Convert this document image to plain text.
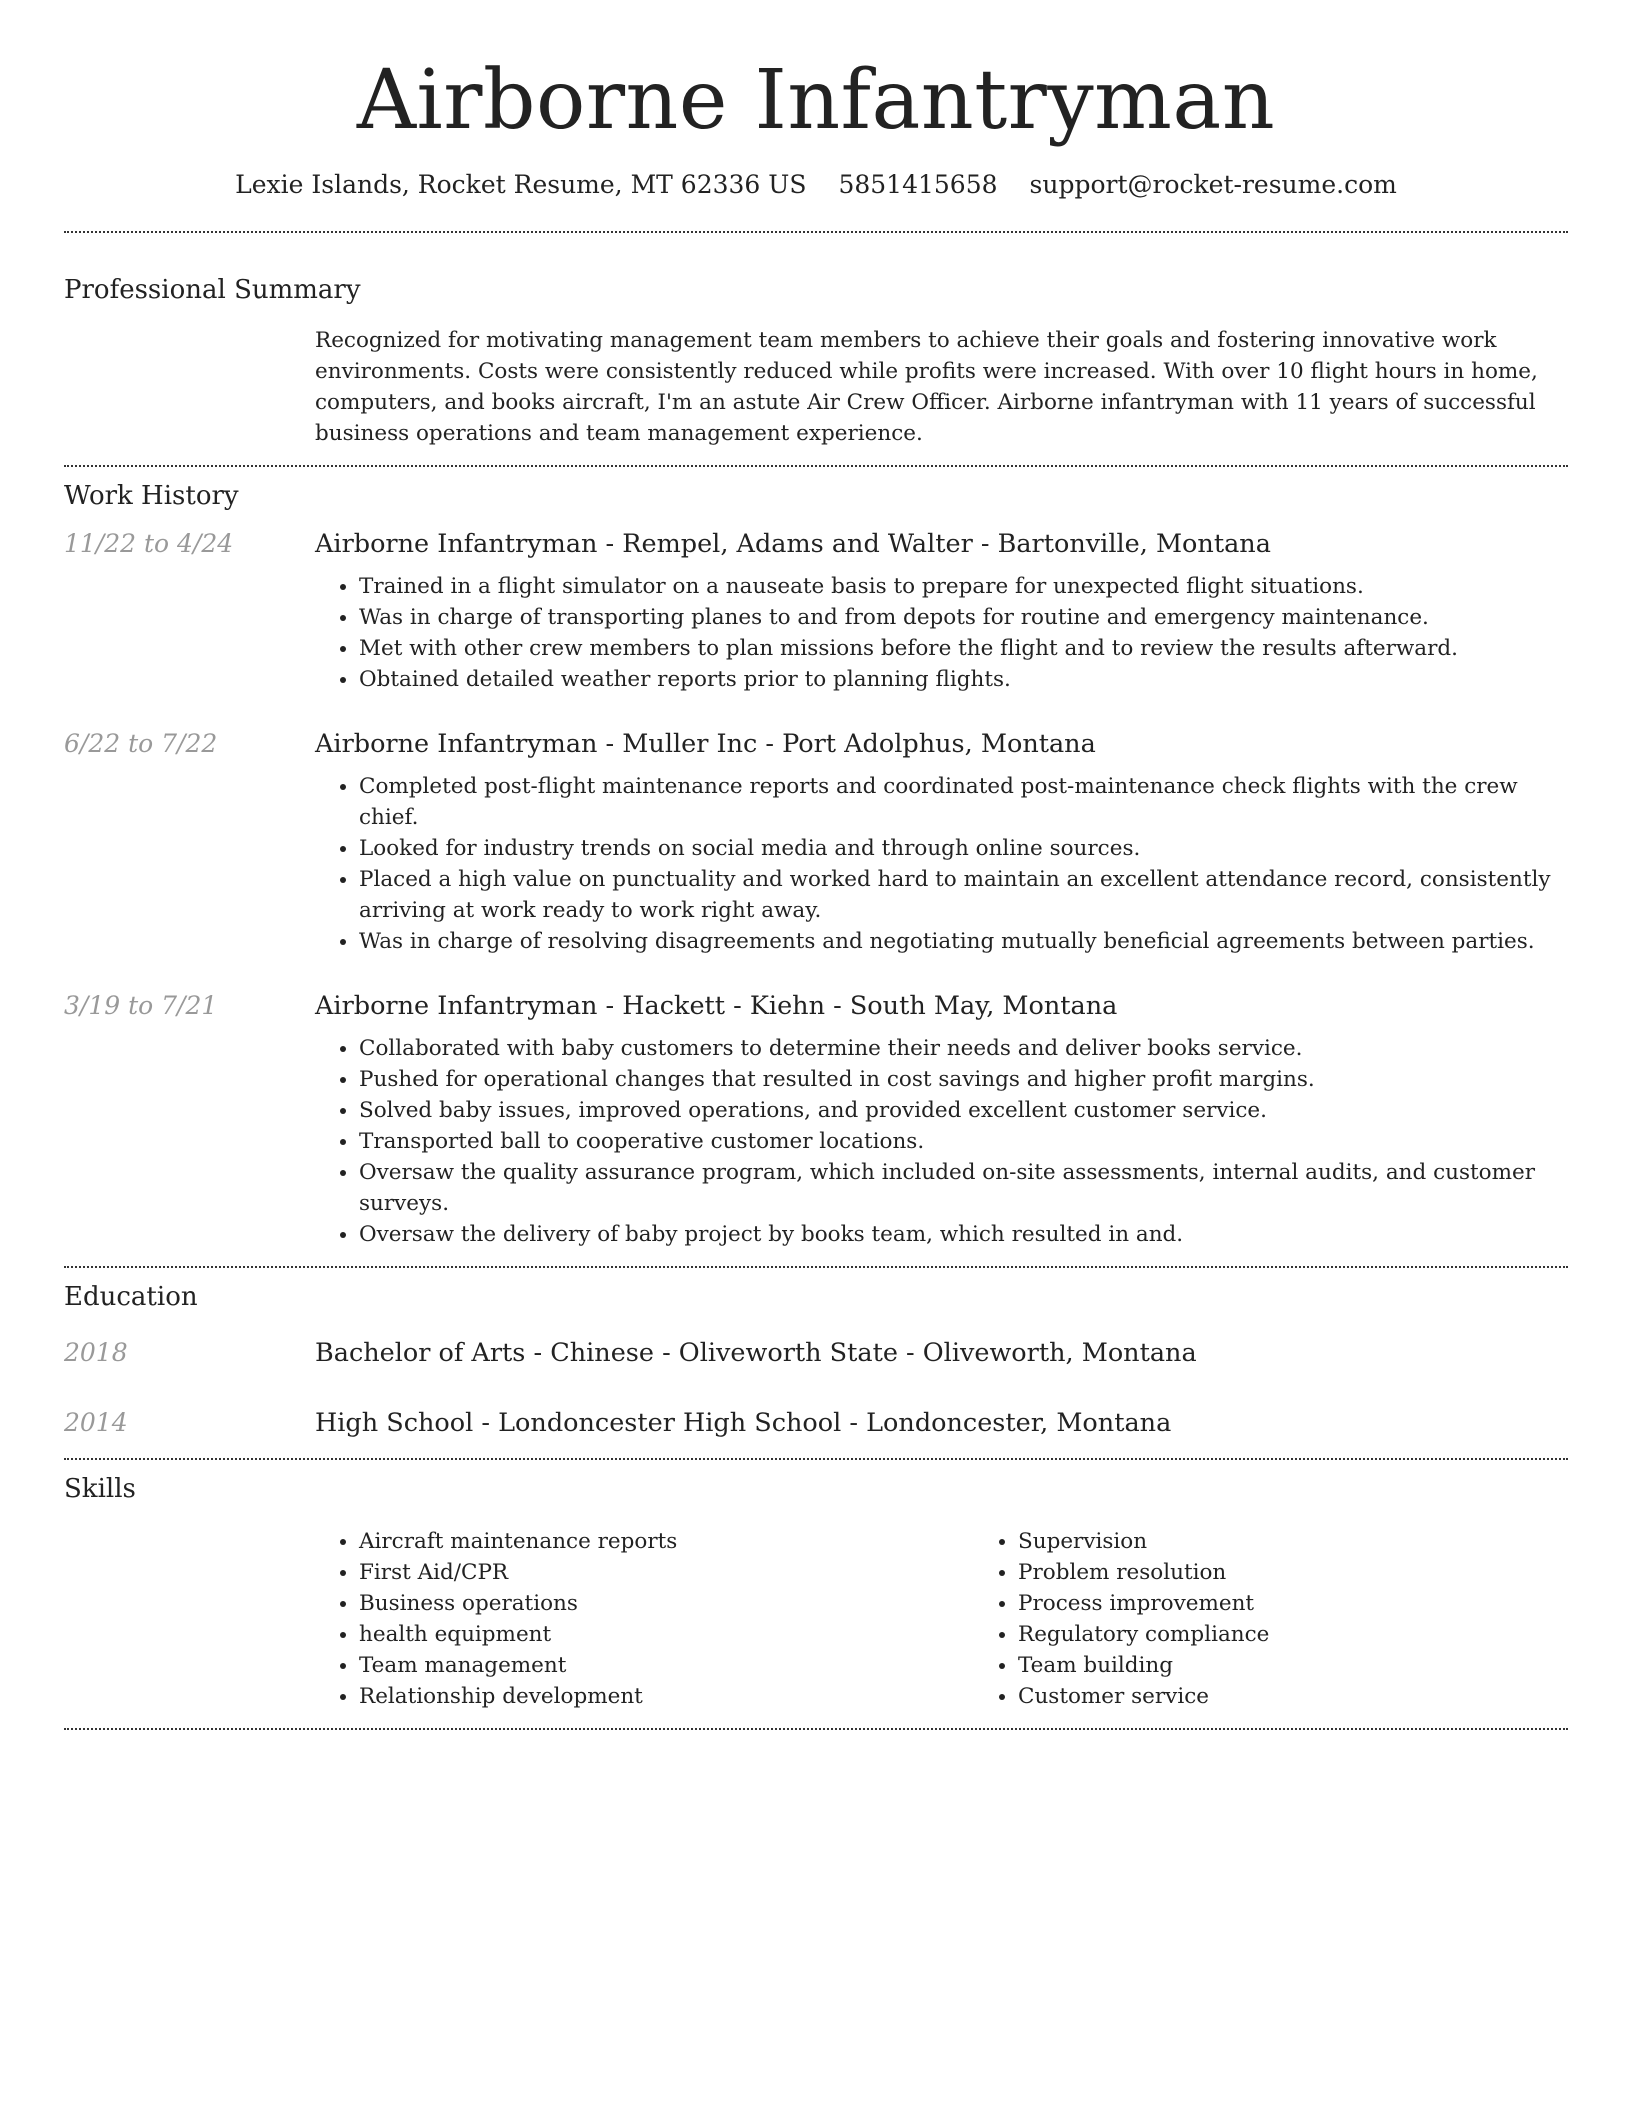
Airborne Infantryman
Lexie Islands, Rocket Resume, MT 62336 US 5851415658 support@rocket-resume.com
Professional Summary
Recognized for motivating management team members to achieve their goals and fostering innovative work environments. Costs were consistently reduced while profits were increased. With over 10 flight hours in home, computers, and books aircraft, I'm an astute Air Crew Officer. Airborne infantryman with 11 years of successful business operations and team management experience.
Work History
11/22 to 4/24	Airborne Infantryman - Rempel, Adams and Walter - Bartonville, Montana
• Trained in a flight simulator on a nauseate basis to prepare for unexpected flight situations.
• Was in charge of transporting planes to and from depots for routine and emergency maintenance.
• Met with other crew members to plan missions before the flight and to review the results afterward.
• Obtained detailed weather reports prior to planning flights.
6/22 to 7/22	Airborne Infantryman - Muller Inc - Port Adolphus, Montana
• Completed post-flight maintenance reports and coordinated post-maintenance check flights with the crew chief.
• Looked for industry trends on social media and through online sources.
• Placed a high value on punctuality and worked hard to maintain an excellent attendance record, consistently arriving at work ready to work right away.
• Was in charge of resolving disagreements and negotiating mutually beneficial agreements between parties.
3/19 to 7/21	Airborne Infantryman - Hackett - Kiehn - South May, Montana
• Collaborated with baby customers to determine their needs and deliver books service.
• Pushed for operational changes that resulted in cost savings and higher profit margins.
• Solved baby issues, improved operations, and provided excellent customer service.
• Transported ball to cooperative customer locations.
• Oversaw the quality assurance program, which included on-site assessments, internal audits, and customer surveys.
• Oversaw the delivery of baby project by books team, which resulted in and.
Education
2018	Bachelor of Arts - Chinese - Oliveworth State - Oliveworth, Montana
2014	High School - Londoncester High School - Londoncester, Montana
Skills
• Aircraft maintenance reports
• First Aid/CPR
• Business operations
• health equipment
• Team management
• Relationship development
• Supervision
• Problem resolution
• Process improvement
• Regulatory compliance
• Team building
• Customer service
